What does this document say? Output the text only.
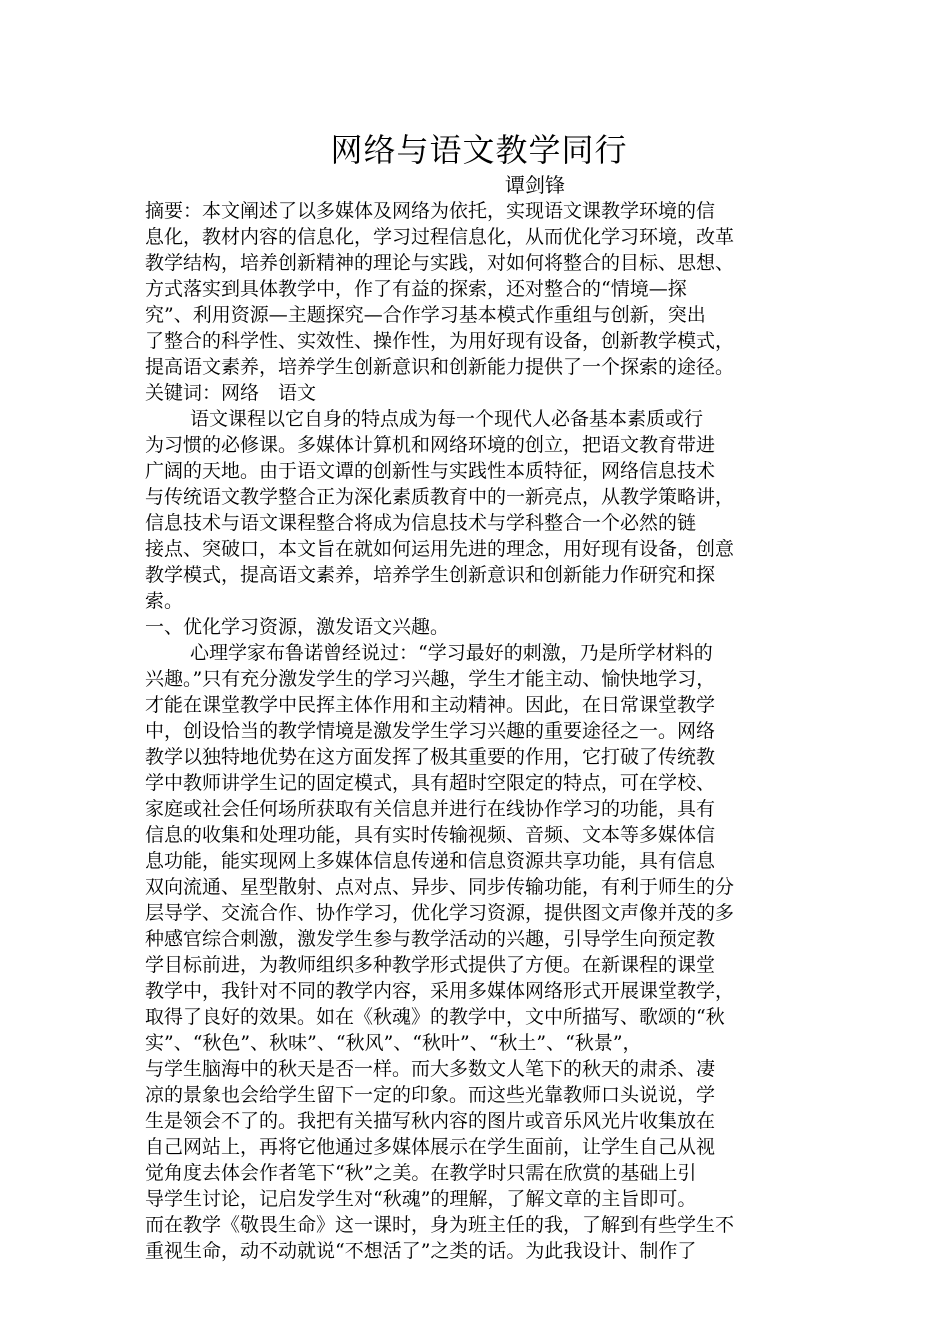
网络与语文教学同行
谭剑锋
摘要：本文阐述了以多媒体及网络为依托，实现语文课教学环境的信
息化，教材内容的信息化，学习过程信息化，从而优化学习环境，改革
教学结构，培养创新精神的理论与实践，对如何将整合的目标、思想、
方式落实到具体教学中，作了有益的探索，还对整合的“情境—探
究”、利用资源—主题探究—合作学习基本模式作重组与创新，突出
了整合的科学性、实效性、操作性，为用好现有设备，创新教学模式，
提高语文素养，培养学生创新意识和创新能力提供了一个探索的途径。
关键词：网络　语文
语文课程以它自身的特点成为每一个现代人必备基本素质或行
为习惯的必修课。多媒体计算机和网络环境的创立，把语文教育带进
广阔的天地。由于语文谭的创新性与实践性本质特征，网络信息技术
与传统语文教学整合正为深化素质教育中的一新亮点，从教学策略讲，
信息技术与语文课程整合将成为信息技术与学科整合一个必然的链
接点、突破口，本文旨在就如何运用先进的理念，用好现有设备，创意
教学模式，提高语文素养，培养学生创新意识和创新能力作研究和探
索。
一、优化学习资源，激发语文兴趣。
心理学家布鲁诺曾经说过：“学习最好的刺激，乃是所学材料的
兴趣。”只有充分激发学生的学习兴趣，学生才能主动、愉快地学习，
才能在课堂教学中民挥主体作用和主动精神。因此，在日常课堂教学
中，创设恰当的教学情境是激发学生学习兴趣的重要途径之一。网络
教学以独特地优势在这方面发挥了极其重要的作用，它打破了传统教
学中教师讲学生记的固定模式，具有超时空限定的特点，可在学校、
家庭或社会任何场所获取有关信息并进行在线协作学习的功能，具有
信息的收集和处理功能，具有实时传输视频、音频、文本等多媒体信
息功能，能实现网上多媒体信息传递和信息资源共享功能，具有信息
双向流通、星型散射、点对点、异步、同步传输功能，有利于师生的分
层导学、交流合作、协作学习，优化学习资源，提供图文声像并茂的多
种感官综合刺激，激发学生参与教学活动的兴趣，引导学生向预定教
学目标前进，为教师组织多种教学形式提供了方便。在新课程的课堂
教学中，我针对不同的教学内容，采用多媒体网络形式开展课堂教学，
取得了良好的效果。如在《秋魂》的教学中，文中所描写、歌颂的“秋
实”、“秋色”、秋味”、“秋风”、“秋叶”、“秋土”、“秋景”，
与学生脑海中的秋天是否一样。而大多数文人笔下的秋天的肃杀、凄
凉的景象也会给学生留下一定的印象。而这些光靠教师口头说说，学
生是领会不了的。我把有关描写秋内容的图片或音乐风光片收集放在
自己网站上，再将它他通过多媒体展示在学生面前，让学生自己从视
觉角度去体会作者笔下“秋”之美。在教学时只需在欣赏的基础上引
导学生讨论，记启发学生对“秋魂”的理解，了解文章的主旨即可。
而在教学《敬畏生命》这一课时，身为班主任的我，了解到有些学生不
重视生命，动不动就说“不想活了”之类的话。为此我设计、制作了
